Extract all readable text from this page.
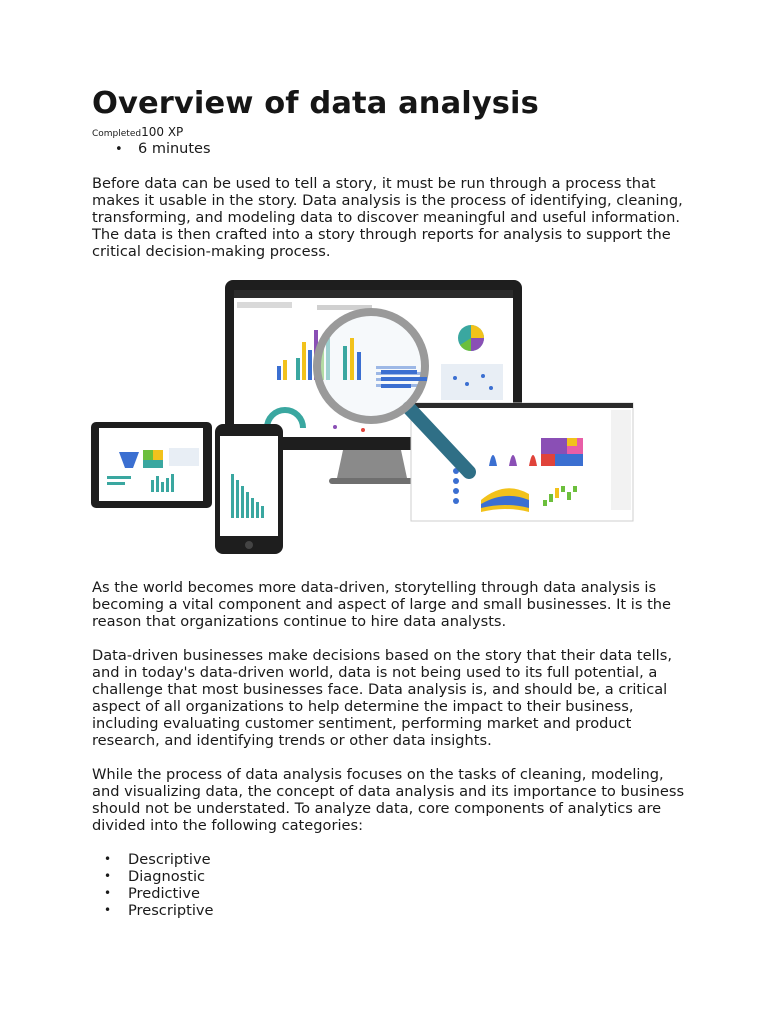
Overview of data analysis
Completed100 XP
• 6 minutes

Before data can be used to tell a story, it must be run through a process that makes it usable in the story. Data analysis is the process of identifying, cleaning, transforming, and modeling data to discover meaningful and useful information. The data is then crafted into a story through reports for analysis to support the critical decision-making process.

As the world becomes more data-driven, storytelling through data analysis is becoming a vital component and aspect of large and small businesses. It is the reason that organizations continue to hire data analysts.

Data-driven businesses make decisions based on the story that their data tells, and in today's data-driven world, data is not being used to its full potential, a challenge that most businesses face. Data analysis is, and should be, a critical aspect of all organizations to help determine the impact to their business, including evaluating customer sentiment, performing market and product research, and identifying trends or other data insights.

While the process of data analysis focuses on the tasks of cleaning, modeling, and visualizing data, the concept of data analysis and its importance to business should not be understated. To analyze data, core components of analytics are divided into the following categories:

• Descriptive
• Diagnostic
• Predictive
• Prescriptive
